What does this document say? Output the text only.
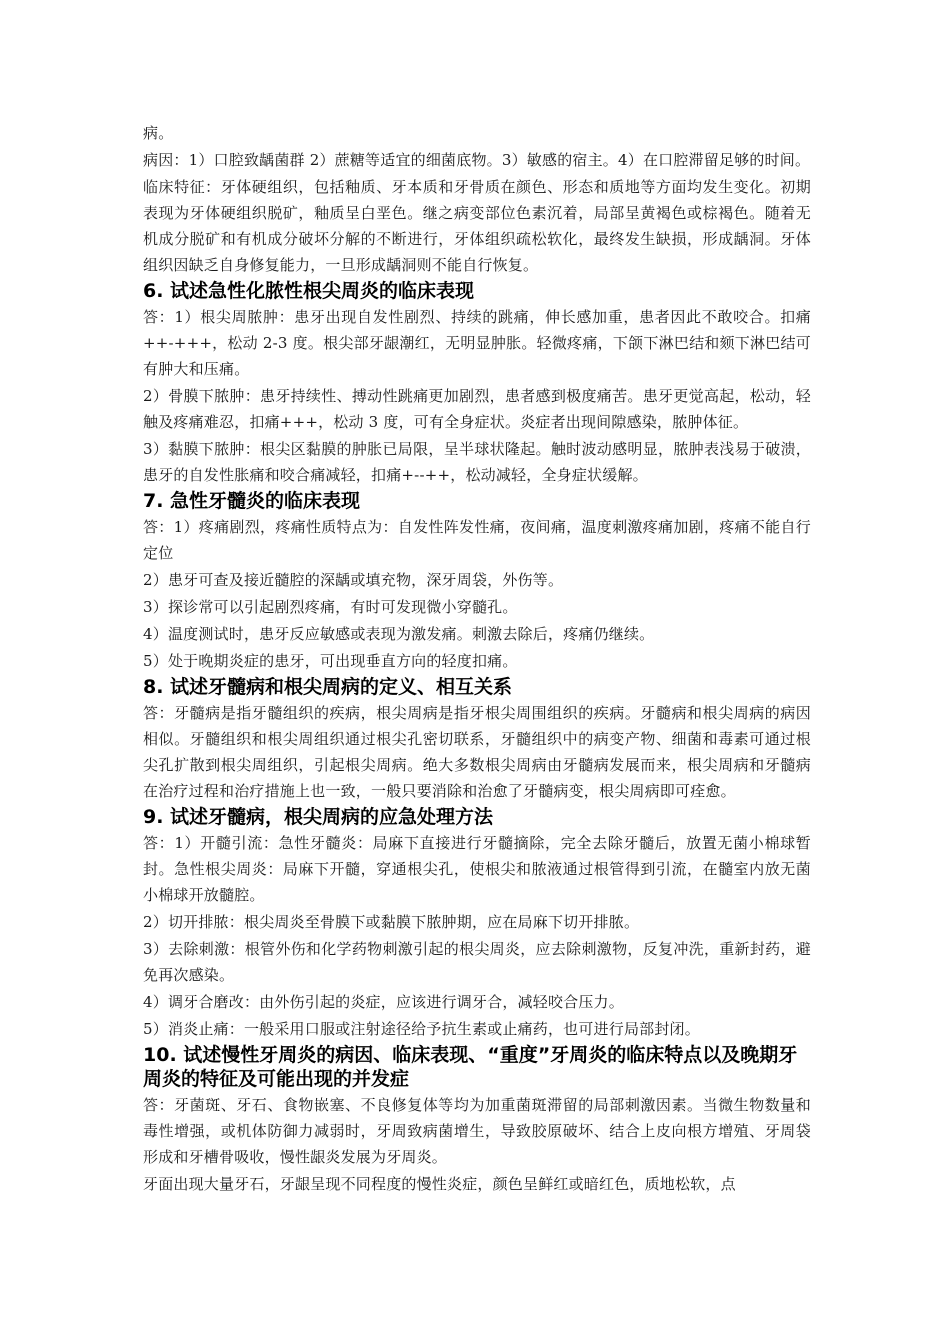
病。

病因：1）口腔致龋菌群 2）蔗糖等适宜的细菌底物。3）敏感的宿主。4）在口腔滞留足够的时间。

临床特征：牙体硬组织，包括釉质、牙本质和牙骨质在颜色、形态和质地等方面均发生变化。初期表现为牙体硬组织脱矿，釉质呈白垩色。继之病变部位色素沉着，局部呈黄褐色或棕褐色。随着无机成分脱矿和有机成分破坏分解的不断进行，牙体组织疏松软化，最终发生缺损，形成龋洞。牙体组织因缺乏自身修复能力，一旦形成龋洞则不能自行恢复。

6. 试述急性化脓性根尖周炎的临床表现

答：1）根尖周脓肿：患牙出现自发性剧烈、持续的跳痛，伸长感加重，患者因此不敢咬合。扣痛++-+++，松动 2-3 度。根尖部牙龈潮红，无明显肿胀。轻微疼痛，下颌下淋巴结和颏下淋巴结可有肿大和压痛。

2）骨膜下脓肿：患牙持续性、搏动性跳痛更加剧烈，患者感到极度痛苦。患牙更觉高起，松动，轻触及疼痛难忍，扣痛+++，松动 3 度，可有全身症状。炎症者出现间隙感染，脓肿体征。

3）黏膜下脓肿：根尖区黏膜的肿胀已局限，呈半球状隆起。触时波动感明显，脓肿表浅易于破溃，患牙的自发性胀痛和咬合痛减轻，扣痛+--++，松动减轻，全身症状缓解。

7. 急性牙髓炎的临床表现

答：1）疼痛剧烈，疼痛性质特点为：自发性阵发性痛，夜间痛，温度刺激疼痛加剧，疼痛不能自行定位

2）患牙可查及接近髓腔的深龋或填充物，深牙周袋，外伤等。

3）探诊常可以引起剧烈疼痛，有时可发现微小穿髓孔。

4）温度测试时，患牙反应敏感或表现为激发痛。刺激去除后，疼痛仍继续。

5）处于晚期炎症的患牙，可出现垂直方向的轻度扣痛。

8. 试述牙髓病和根尖周病的定义、相互关系

答：牙髓病是指牙髓组织的疾病，根尖周病是指牙根尖周围组织的疾病。牙髓病和根尖周病的病因相似。牙髓组织和根尖周组织通过根尖孔密切联系，牙髓组织中的病变产物、细菌和毒素可通过根尖孔扩散到根尖周组织，引起根尖周病。绝大多数根尖周病由牙髓病发展而来，根尖周病和牙髓病在治疗过程和治疗措施上也一致，一般只要消除和治愈了牙髓病变，根尖周病即可痊愈。

9. 试述牙髓病，根尖周病的应急处理方法

答：1）开髓引流：急性牙髓炎：局麻下直接进行牙髓摘除，完全去除牙髓后，放置无菌小棉球暂封。急性根尖周炎：局麻下开髓，穿通根尖孔，使根尖和脓液通过根管得到引流，在髓室内放无菌小棉球开放髓腔。

2）切开排脓：根尖周炎至骨膜下或黏膜下脓肿期，应在局麻下切开排脓。

3）去除刺激：根管外伤和化学药物刺激引起的根尖周炎，应去除刺激物，反复冲洗，重新封药，避免再次感染。

4）调牙合磨改：由外伤引起的炎症，应该进行调牙合，减轻咬合压力。

5）消炎止痛：一般采用口服或注射途径给予抗生素或止痛药，也可进行局部封闭。

10. 试述慢性牙周炎的病因、临床表现、“重度”牙周炎的临床特点以及晚期牙周炎的特征及可能出现的并发症

答：牙菌斑、牙石、食物嵌塞、不良修复体等均为加重菌斑滞留的局部刺激因素。当微生物数量和毒性增强，或机体防御力减弱时，牙周致病菌增生，导致胶原破坏、结合上皮向根方增殖、牙周袋形成和牙槽骨吸收，慢性龈炎发展为牙周炎。

牙面出现大量牙石，牙龈呈现不同程度的慢性炎症，颜色呈鲜红或暗红色，质地松软，点
